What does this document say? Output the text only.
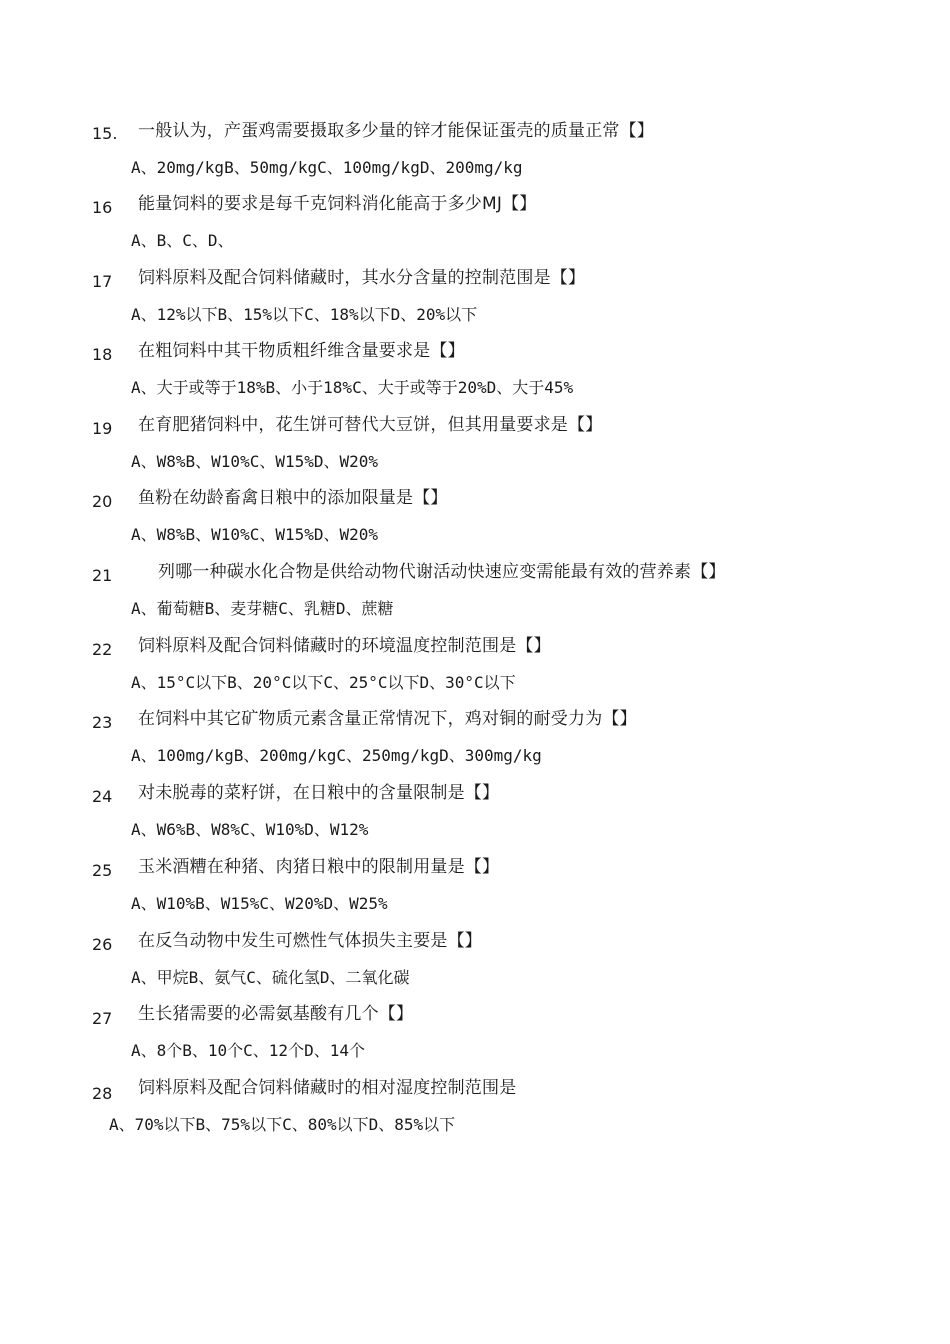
15. 一般认为，产蛋鸡需要摄取多少量的锌才能保证蛋壳的质量正常【】
A、20mg/kgB、50mg/kgC、100mg/kgD、200mg/kg
16 能量饲料的要求是每千克饲料消化能高于多少MJ【】
A、B、C、D、
17 饲料原料及配合饲料储藏时，其水分含量的控制范围是【】
A、12%以下B、15%以下C、18%以下D、20%以下
18 在粗饲料中其干物质粗纤维含量要求是【】
A、大于或等于18%B、小于18%C、大于或等于20%D、大于45%
19 在育肥猪饲料中，花生饼可替代大豆饼，但其用量要求是【】
A、W8%B、W10%C、W15%D、W20%
20 鱼粉在幼龄畜禽日粮中的添加限量是【】
A、W8%B、W10%C、W15%D、W20%
21	列哪一种碳水化合物是供给动物代谢活动快速应变需能最有效的营养素【】
A、葡萄糖B、麦芽糖C、乳糖D、蔗糖
22 饲料原料及配合饲料储藏时的环境温度控制范围是【】
A、15°C以下B、20°C以下C、25°C以下D、30°C以下
23 在饲料中其它矿物质元素含量正常情况下，鸡对铜的耐受力为【】
A、100mg/kgB、200mg/kgC、250mg/kgD、300mg/kg
24 对未脱毒的菜籽饼，在日粮中的含量限制是【】
A、W6%B、W8%C、W10%D、W12%
25 玉米酒糟在种猪、肉猪日粮中的限制用量是【】
A、W10%B、W15%C、W20%D、W25%
26 在反刍动物中发生可燃性气体损失主要是【】
A、甲烷B、氨气C、硫化氢D、二氧化碳
27 生长猪需要的必需氨基酸有几个【】
A、8个B、10个C、12个D、14个
28 饲料原料及配合饲料储藏时的相对湿度控制范围是
A、70%以下B、75%以下C、80%以下D、85%以下
